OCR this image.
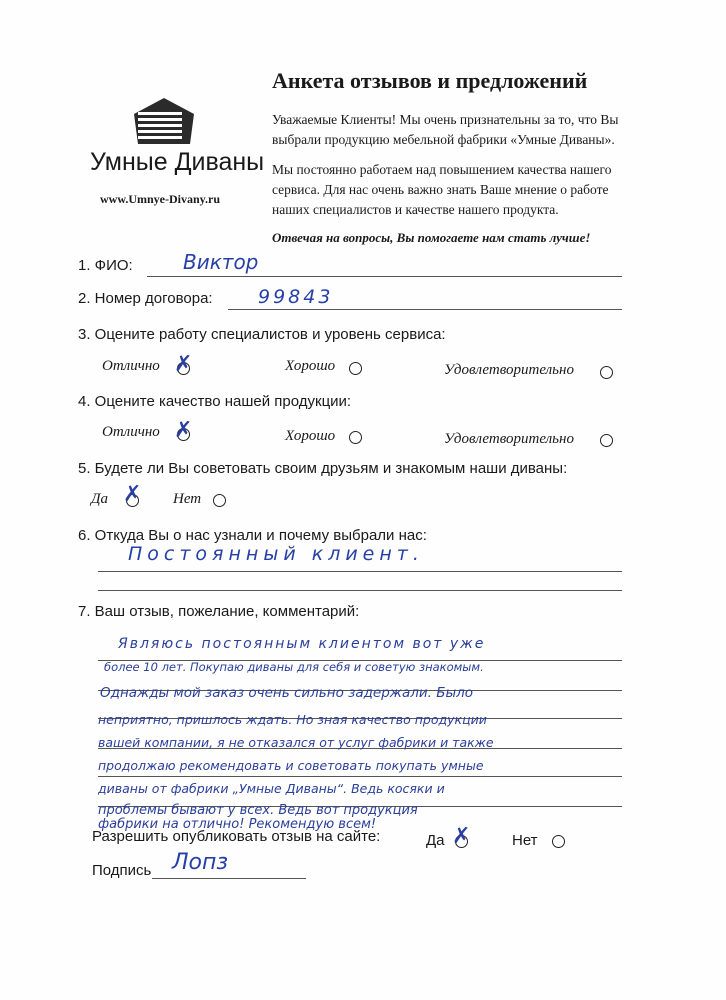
Анкета отзывов и предложений
Уважаемые Клиенты! Мы очень признательны за то, что Вы
выбрали продукцию мебельной фабрики «Умные Диваны».
Мы постоянно работаем над повышением качества нашего
сервиса. Для нас очень важно знать Ваше мнение о работе
наших специалистов и качестве нашего продукта.
Отвечая на вопросы, Вы помогаете нам стать лучше!
Умные Диваны
www.Umnye-Divany.ru
1. ФИО:	Виктор
2. Номер договора: 99843
3. Оцените работу специалистов и уровень сервиса:
Отлично ✗	Хорошо	Удовлетворительно
4. Оцените качество нашей продукции:
Отлично ✗	Хорошо	Удовлетворительно
5. Будете ли Вы советовать своим друзьям и знакомым наши диваны:
Да ✗ Нет
6. Откуда Вы о нас узнали и почему выбрали нас:
Постоянный клиент.
7. Ваш отзыв, пожелание, комментарий:
Являюсь постоянным клиентом вот уже
более 10 лет. Покупаю диваны для себя и советую знакомым.
Однажды мой заказ очень сильно задержали. Было
неприятно, пришлось ждать. Но зная качество продукции
вашей компании, я не отказался от услуг фабрики и также
продолжаю рекомендовать и советовать покупать умные
диваны от фабрики „Умные Диваны“. Ведь косяки и
проблемы бывают у всех. Ведь вот продукция
фабрики на отлично! Рекомендую всем!
Разрешить опубликовать отзыв на сайте:	Да ✗	Нет
Подпись Лопз
